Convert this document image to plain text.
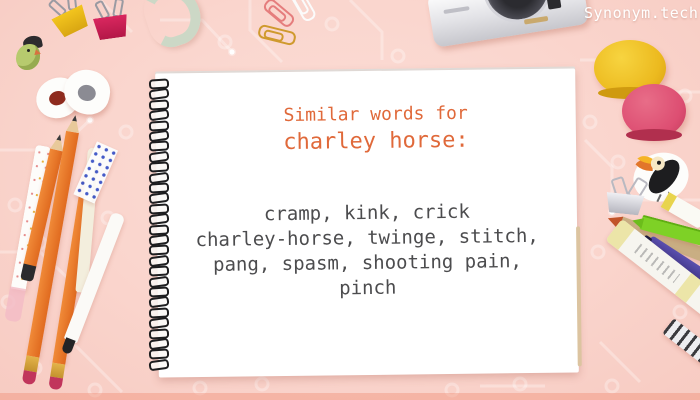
Similar words for
charley horse:
cramp, kink, crick
charley-horse, twinge, stitch,
pang, spasm, shooting pain,
pinch
Synonym.tech
